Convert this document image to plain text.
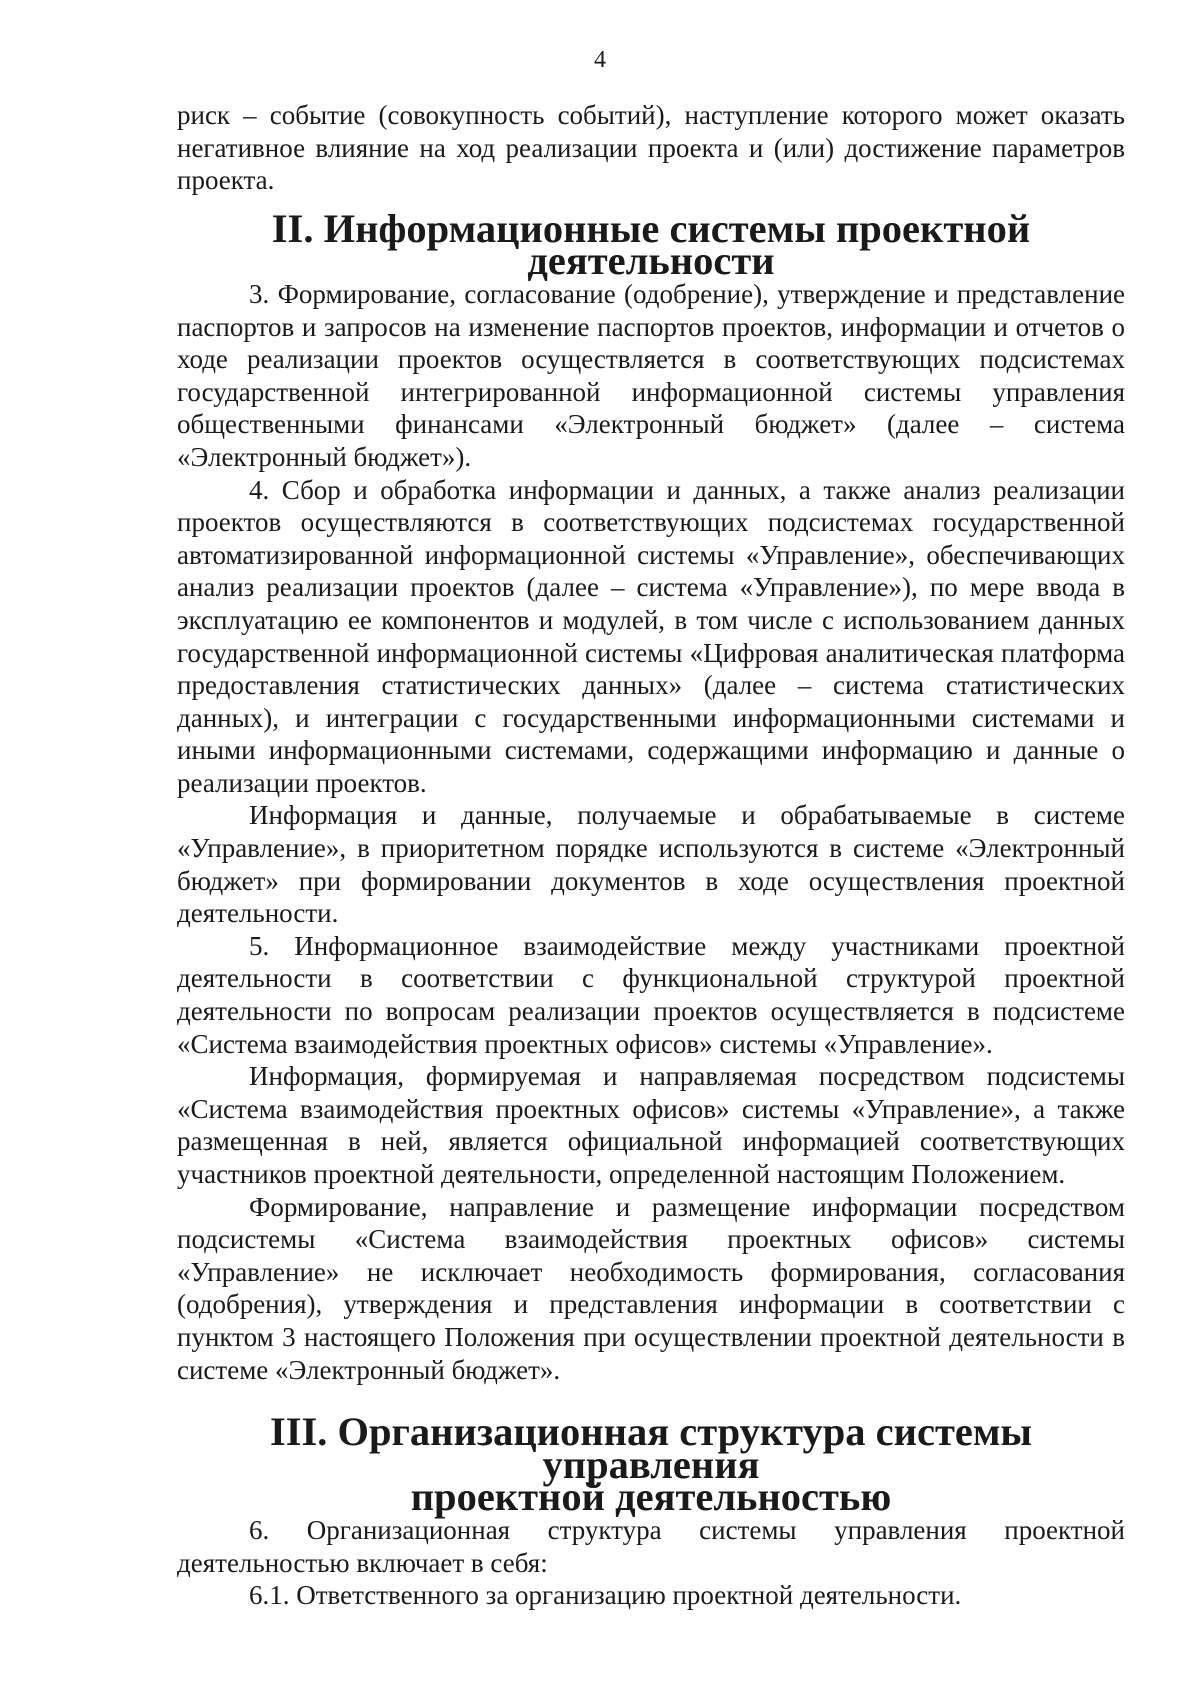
4

риск – событие (совокупность событий), наступление которого может оказать негативное влияние на ход реализации проекта и (или) достижение параметров проекта.

II. Информационные системы проектной деятельности

3. Формирование, согласование (одобрение), утверждение и представление паспортов и запросов на изменение паспортов проектов, информации и отчетов о ходе реализации проектов осуществляется в соответствующих подсистемах государственной интегрированной информационной системы управления общественными финансами «Электронный бюджет» (далее – система «Электронный бюджет»).

4. Сбор и обработка информации и данных, а также анализ реализации проектов осуществляются в соответствующих подсистемах государственной автоматизированной информационной системы «Управление», обеспечивающих анализ реализации проектов (далее – система «Управление»), по мере ввода в эксплуатацию ее компонентов и модулей, в том числе с использованием данных государственной информационной системы «Цифровая аналитическая платформа предоставления статистических данных» (далее – система статистических данных), и интеграции с государственными информационными системами и иными информационными системами, содержащими информацию и данные о реализации проектов.

Информация и данные, получаемые и обрабатываемые в системе «Управление», в приоритетном порядке используются в системе «Электронный бюджет» при формировании документов в ходе осуществления проектной деятельности.

5. Информационное взаимодействие между участниками проектной деятельности в соответствии с функциональной структурой проектной деятельности по вопросам реализации проектов осуществляется в подсистеме «Система взаимодействия проектных офисов» системы «Управление».

Информация, формируемая и направляемая посредством подсистемы «Система взаимодействия проектных офисов» системы «Управление», а также размещенная в ней, является официальной информацией соответствующих участников проектной деятельности, определенной настоящим Положением.

Формирование, направление и размещение информации посредством подсистемы «Система взаимодействия проектных офисов» системы «Управление» не исключает необходимость формирования, согласования (одобрения), утверждения и представления информации в соответствии с пунктом 3 настоящего Положения при осуществлении проектной деятельности в системе «Электронный бюджет».

III. Организационная структура системы управления
проектной деятельностью

6. Организационная структура системы управления проектной деятельностью включает в себя:

6.1. Ответственного за организацию проектной деятельности.
